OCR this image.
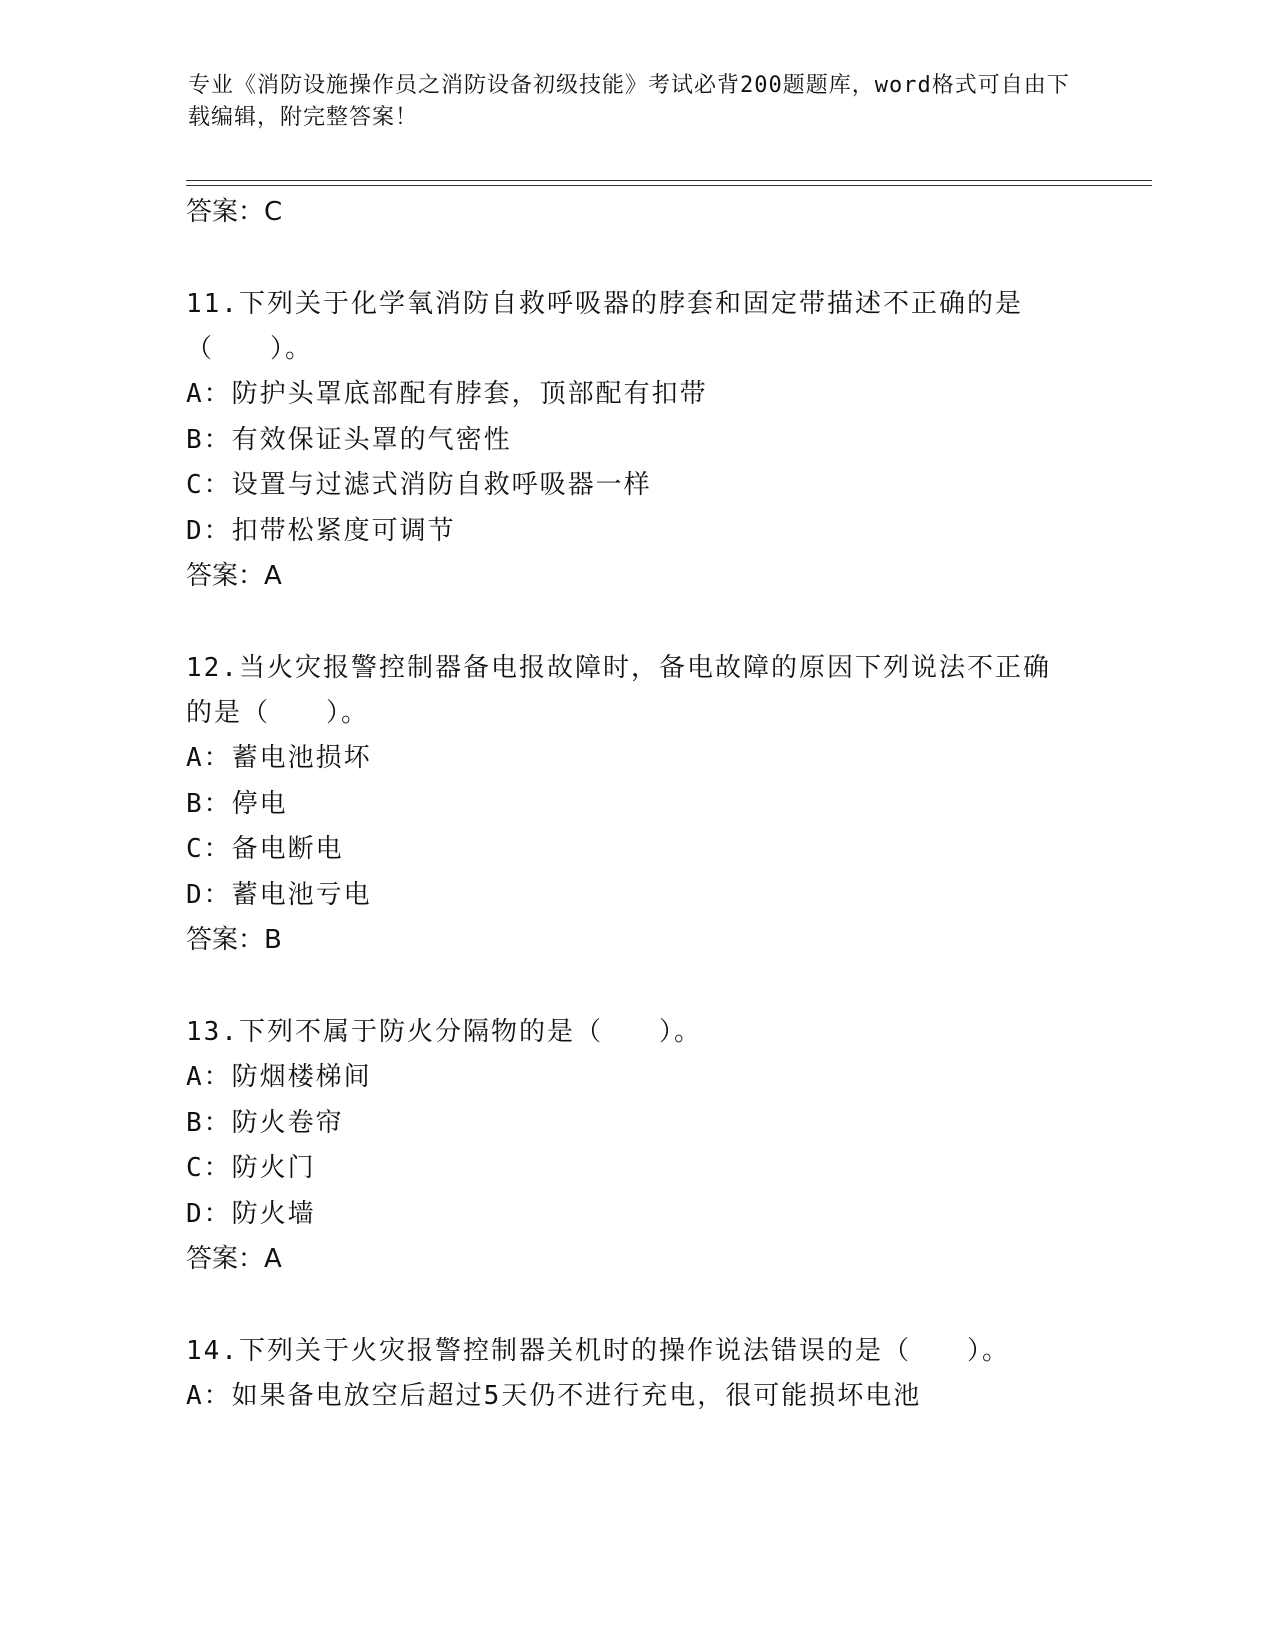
专业《消防设施操作员之消防设备初级技能》考试必背200题题库，word格式可自由下载编辑，附完整答案！
答案：C
11.下列关于化学氧消防自救呼吸器的脖套和固定带描述不正确的是（　　）。
A：防护头罩底部配有脖套，顶部配有扣带
B：有效保证头罩的气密性
C：设置与过滤式消防自救呼吸器一样
D：扣带松紧度可调节
答案：A
12.当火灾报警控制器备电报故障时，备电故障的原因下列说法不正确的是（　　）。
A：蓄电池损坏
B：停电
C：备电断电
D：蓄电池亏电
答案：B
13.下列不属于防火分隔物的是（　　）。
A：防烟楼梯间
B：防火卷帘
C：防火门
D：防火墙
答案：A
14.下列关于火灾报警控制器关机时的操作说法错误的是（　　）。
A：如果备电放空后超过5天仍不进行充电，很可能损坏电池
